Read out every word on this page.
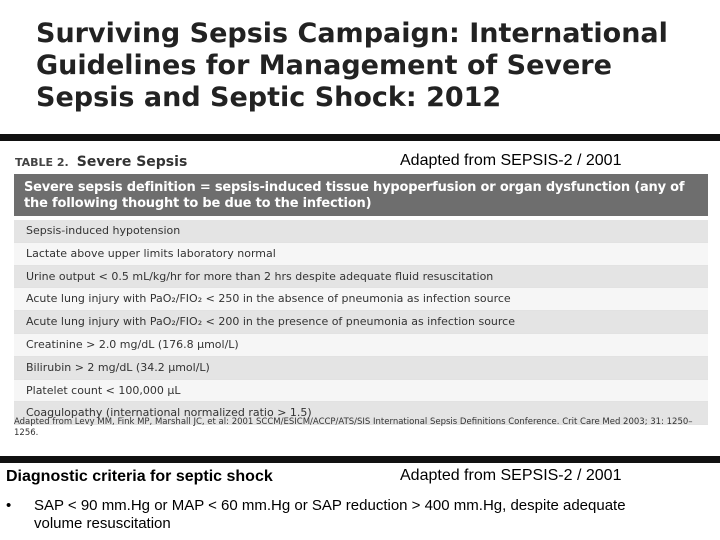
Surviving Sepsis Campaign: International Guidelines for Management of Severe Sepsis and Septic Shock: 2012
TABLE 2. Severe Sepsis	Adapted from SEPSIS-2 / 2001
Severe sepsis definition = sepsis-induced tissue hypoperfusion or organ dysfunction (any of the following thought to be due to the infection)
Sepsis-induced hypotension
Lactate above upper limits laboratory normal
Urine output < 0.5 mL/kg/hr for more than 2 hrs despite adequate fluid resuscitation
Acute lung injury with PaO₂/FIO₂ < 250 in the absence of pneumonia as infection source
Acute lung injury with PaO₂/FIO₂ < 200 in the presence of pneumonia as infection source
Creatinine > 2.0 mg/dL (176.8 μmol/L)
Bilirubin > 2 mg/dL (34.2 μmol/L)
Platelet count < 100,000 μL
Coagulopathy (international normalized ratio > 1.5)
Adapted from Levy MM, Fink MP, Marshall JC, et al: 2001 SCCM/ESICM/ACCP/ATS/SIS International Sepsis Definitions Conference. Crit Care Med 2003; 31: 1250–1256.
Diagnostic criteria for septic shock	Adapted from SEPSIS-2 / 2001
• SAP < 90 mm.Hg or MAP < 60 mm.Hg or SAP reduction > 400 mm.Hg, despite adequate volume resuscitation
